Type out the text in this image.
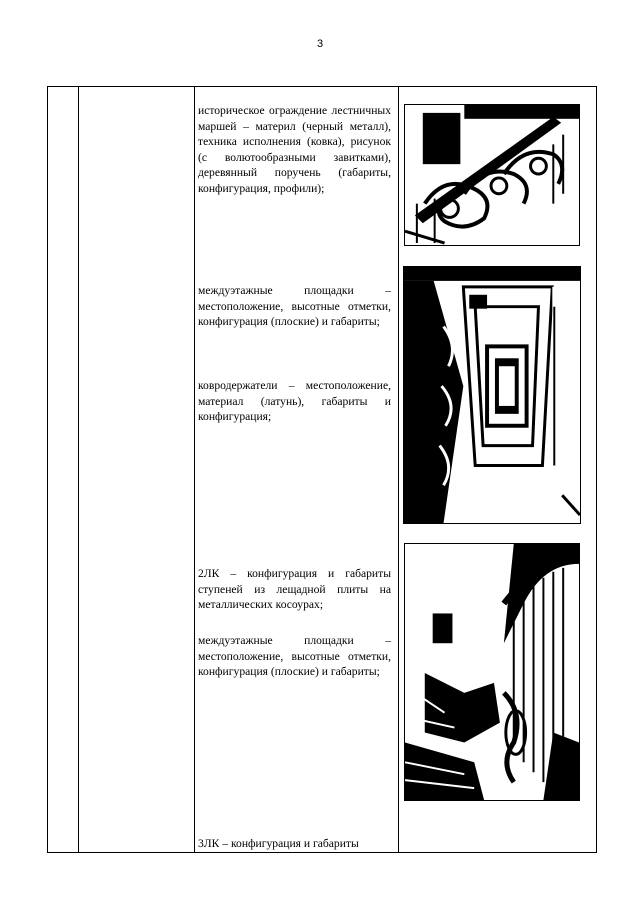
3
историческое ограждение лестничных маршей – материл (черный металл), техника исполнения (ковка), рисунок (с волютообразными завитками), деревянный поручень (габариты, конфигурация, профили);
междуэтажные площадки – местоположение, высотные отметки, конфигурация (плоские) и габариты;
ковродержатели – местоположение, материал (латунь), габариты и конфигурация;
2ЛК – конфигурация и габариты ступеней из лещадной плиты на металлических косоурах;
междуэтажные площадки – местоположение, высотные отметки, конфигурация (плоские) и габариты;
3ЛК – конфигурация и габариты
